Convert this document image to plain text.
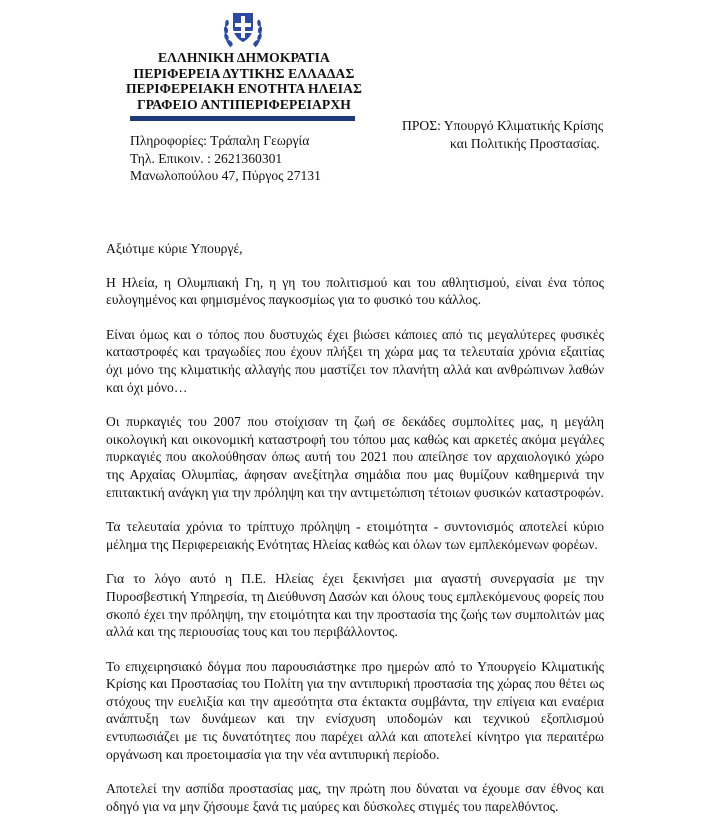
ΕΛΛΗΝΙΚΗ ΔΗΜΟΚΡΑΤΙΑ
ΠΕΡΙΦΕΡΕΙΑ ΔΥΤΙΚΗΣ ΕΛΛΑΔΑΣ
ΠΕΡΙΦΕΡΕΙΑΚΗ ΕΝΟΤΗΤΑ ΗΛΕΙΑΣ
ΓΡΑΦΕΙΟ ΑΝΤΙΠΕΡΙΦΕΡΕΙΑΡΧΗ
Πληροφορίες: Τράπαλη Γεωργία
Τηλ. Επικοιν. : 2621360301
Μανωλοπούλου 47, Πύργος 27131
ΠΡΟΣ: Υπουργό Κλιματικής Κρίσης
και Πολιτικής Προστασίας.

Αξιότιμε κύριε Υπουργέ,

Η Ηλεία, η Ολυμπιακή Γη, η γη του πολιτισμού και του αθλητισμού, είναι ένα τόπος ευλογημένος και φημισμένος παγκοσμίως για το φυσικό του κάλλος.

Είναι όμως και ο τόπος που δυστυχώς έχει βιώσει κάποιες από τις μεγαλύτερες φυσικές καταστροφές και τραγωδίες που έχουν πλήξει τη χώρα μας τα τελευταία χρόνια εξαιτίας όχι μόνο της κλιματικής αλλαγής που μαστίζει τον πλανήτη αλλά και ανθρώπινων λαθών και όχι μόνο…

Οι πυρκαγιές του 2007 που στοίχισαν τη ζωή σε δεκάδες συμπολίτες μας, η μεγάλη οικολογική και οικονομική καταστροφή του τόπου μας καθώς και αρκετές ακόμα μεγάλες πυρκαγιές που ακολούθησαν όπως αυτή του 2021 που απείλησε τον αρχαιολογικό χώρο της Αρχαίας Ολυμπίας, άφησαν ανεξίτηλα σημάδια που μας θυμίζουν καθημερινά την επιτακτική ανάγκη για την πρόληψη και την αντιμετώπιση τέτοιων φυσικών καταστροφών.

Τα τελευταία χρόνια το τρίπτυχο πρόληψη - ετοιμότητα - συντονισμός αποτελεί κύριο μέλημα της Περιφερειακής Ενότητας Ηλείας καθώς και όλων των εμπλεκόμενων φορέων.

Για το λόγο αυτό η Π.Ε. Ηλείας έχει ξεκινήσει μια αγαστή συνεργασία με την Πυροσβεστική Υπηρεσία, τη Διεύθυνση Δασών και όλους τους εμπλεκόμενους φορείς που σκοπό έχει την πρόληψη, την ετοιμότητα και την προστασία της ζωής των συμπολιτών μας αλλά και της περιουσίας τους και του περιβάλλοντος.

Το επιχειρησιακό δόγμα που παρουσιάστηκε προ ημερών από το Υπουργείο Κλιματικής Κρίσης και Προστασίας του Πολίτη για την αντιπυρική προστασία της χώρας που θέτει ως στόχους την ευελιξία και την αμεσότητα στα έκτακτα συμβάντα, την επίγεια και εναέρια ανάπτυξη των δυνάμεων και την ενίσχυση υποδομών και τεχνικού εξοπλισμού εντυπωσιάζει με τις δυνατότητες που παρέχει αλλά και αποτελεί κίνητρο για περαιτέρω οργάνωση και προετοιμασία για την νέα αντιπυρική περίοδο.

Αποτελεί την ασπίδα προστασίας μας, την πρώτη που δύναται να έχουμε σαν έθνος και οδηγό για να μην ζήσουμε ξανά τις μαύρες και δύσκολες στιγμές του παρελθόντος.
